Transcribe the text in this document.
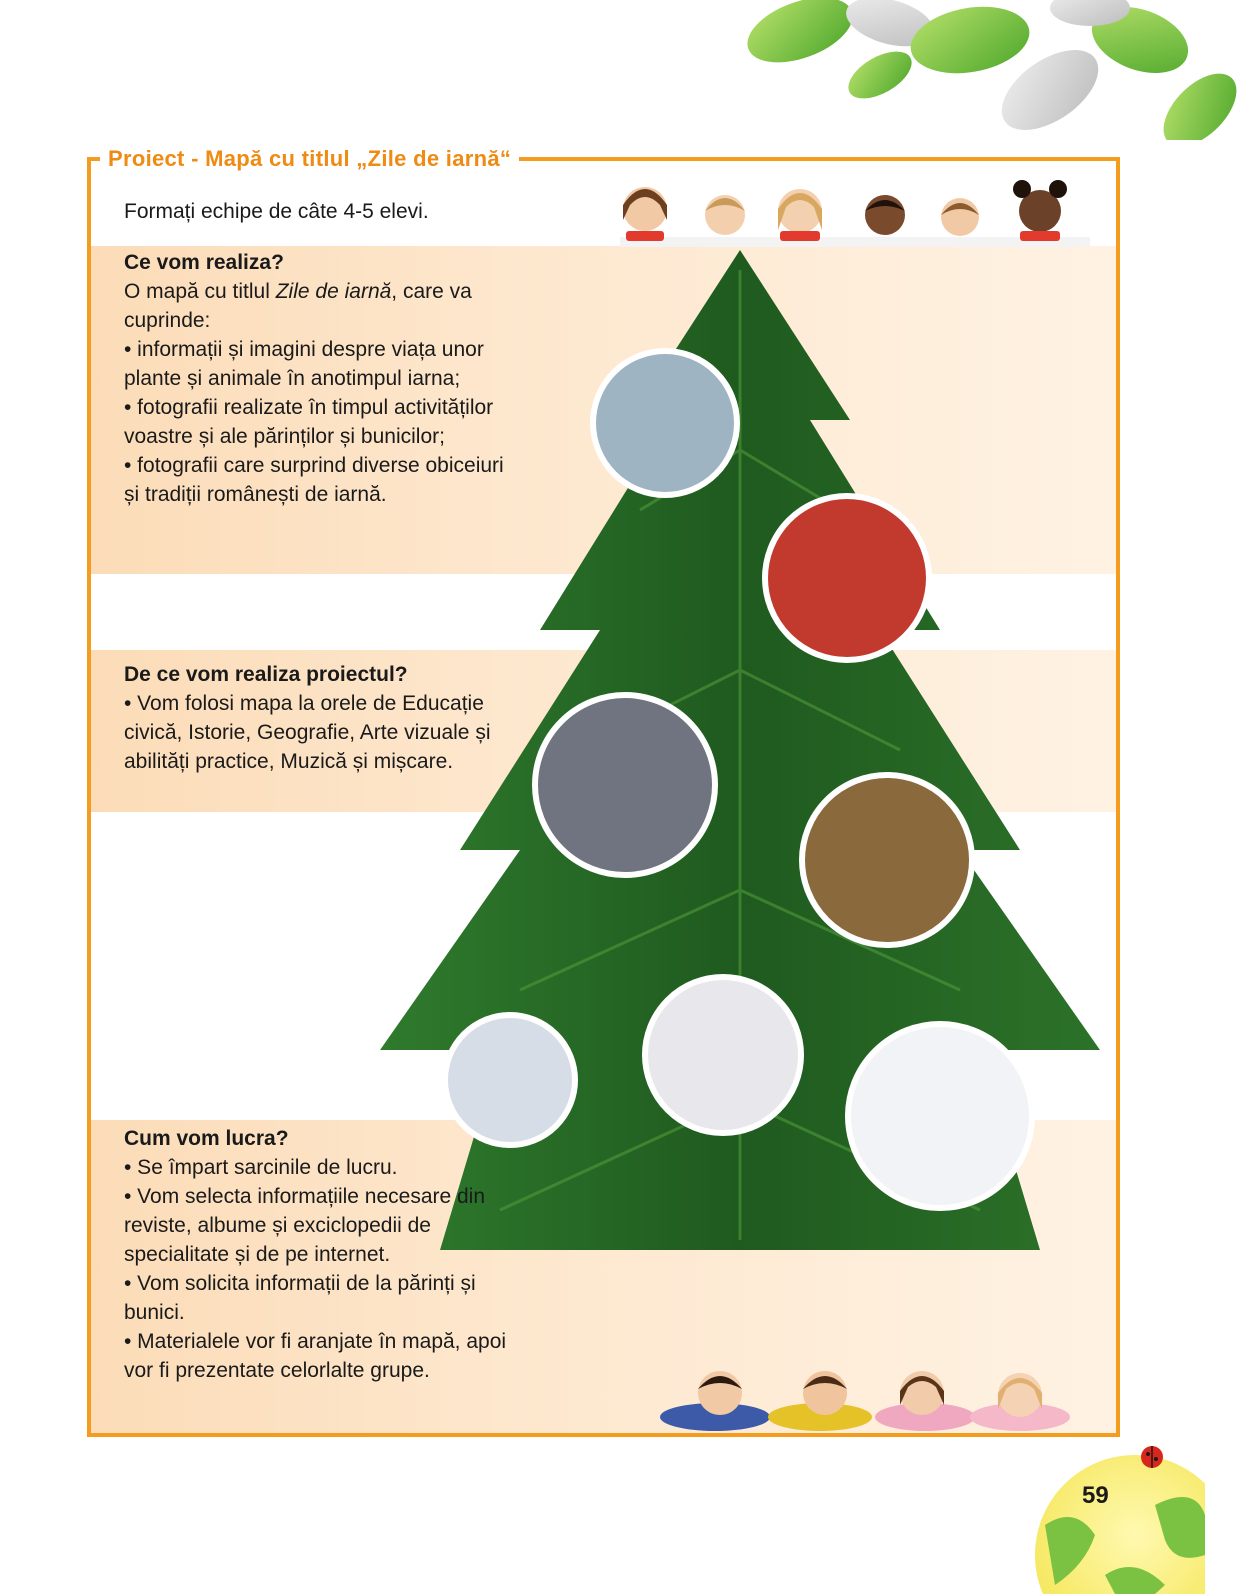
Proiect - Mapă cu titlul „Zile de iarnă“
Formați echipe de câte 4-5 elevi.
Ce vom realiza?
O mapă cu titlul Zile de iarnă, care va cuprinde:
• informații și imagini despre viața unor plante și animale în anotimpul iarna;
• fotografii realizate în timpul activităților voastre și ale părinților și bunicilor;
• fotografii care surprind diverse obiceiuri și tradiții românești de iarnă.
De ce vom realiza proiectul?
• Vom folosi mapa la orele de Educație civică, Istorie, Geografie, Arte vizuale și abilități practice, Muzică și mișcare.
Cum vom lucra?
• Se împart sarcinile de lucru.
• Vom selecta informațiile necesare din reviste, albume și exciclopedii de specialitate și de pe internet.
• Vom solicita informații de la părinți și bunici.
• Materialele vor fi aranjate în mapă, apoi vor fi prezentate celorlalte grupe.
59
